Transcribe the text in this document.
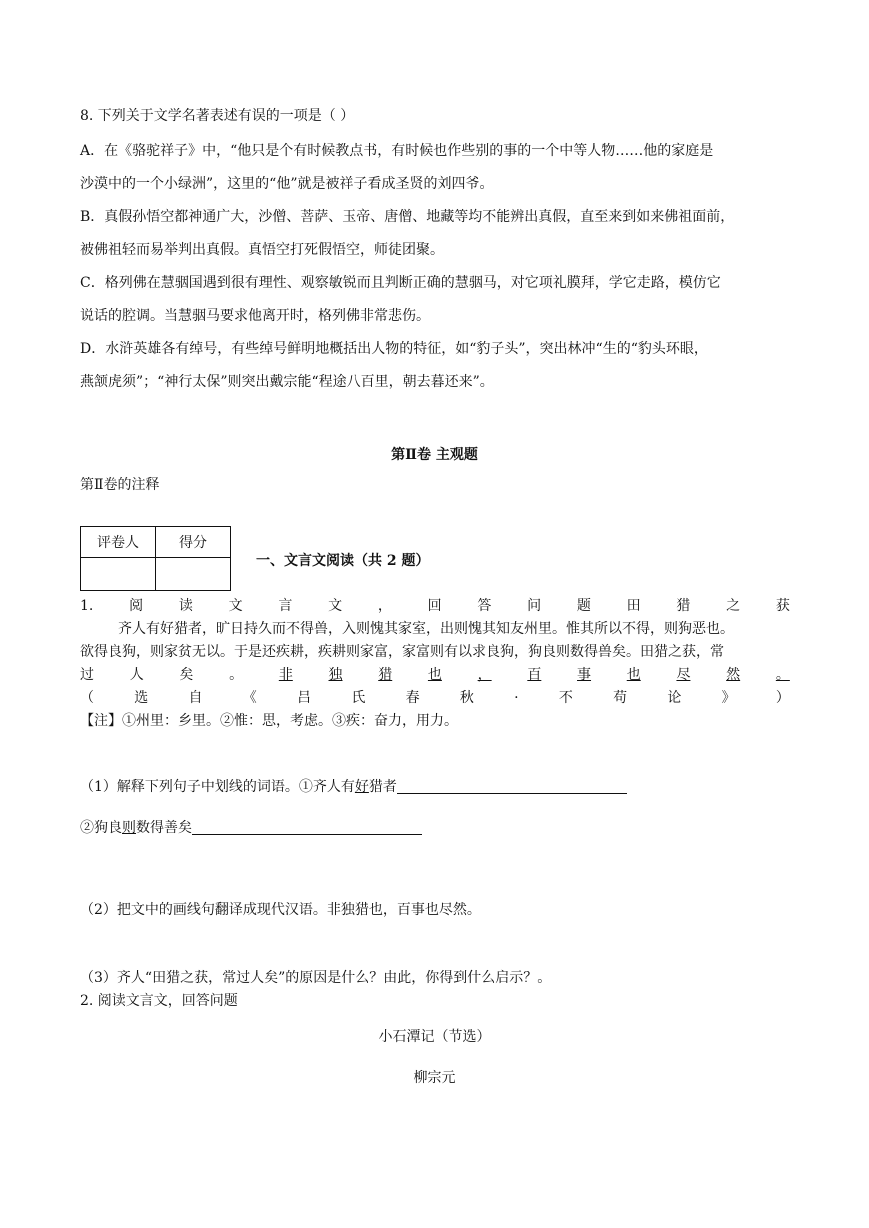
8. 下列关于文学名著表述有误的一项是（ ）
A．在《骆驼祥子》中，“他只是个有时候教点书，有时候也作些别的事的一个中等人物……他的家庭是
沙漠中的一个小绿洲”，这里的“他”就是被祥子看成圣贤的刘四爷。
B．真假孙悟空都神通广大，沙僧、菩萨、玉帝、唐僧、地藏等均不能辨出真假，直至来到如来佛祖面前，
被佛祖轻而易举判出真假。真悟空打死假悟空，师徒团聚。
C．格列佛在慧骃国遇到很有理性、观察敏锐而且判断正确的慧骃马，对它项礼膜拜，学它走路，模仿它
说话的腔调。当慧骃马要求他离开时，格列佛非常悲伤。
D．水浒英雄各有绰号，有些绰号鲜明地概括出人物的特征，如“豹子头”，突出林冲“生的“豹头环眼，
燕颔虎须”；“神行太保”则突出戴宗能“程途八百里，朝去暮还来”。
第Ⅱ卷 主观题
第Ⅱ卷的注释
评卷人	得分

一、文言文阅读（共 2 题）
1.	阅	读	文	言	文	，	回	答	问	题	田	猎	之	获
齐人有好猎者，旷日持久而不得兽，入则愧其家室，出则愧其知友州里。惟其所以不得，则狗恶也。
欲得良狗，则家贫无以。于是还疾耕，疾耕则家富，家富则有以求良狗，狗良则数得兽矣。田猎之获，常
过	人	矣	。	非	独	猎	也	，	百	事	也	尽	然	。
（	选	自	《	吕	氏	春	秋	·	不	苟	论	》	）
【注】①州里：乡里。②惟：思，考虑。③疾：奋力，用力。
（1）解释下列句子中划线的词语。①齐人有好猎者
②狗良则数得善矣
（2）把文中的画线句翻译成现代汉语。非独猎也，百事也尽然。
（3）齐人“田猎之获，常过人矣”的原因是什么？由此，你得到什么启示？。
2. 阅读文言文，回答问题
小石潭记（节选）
柳宗元
